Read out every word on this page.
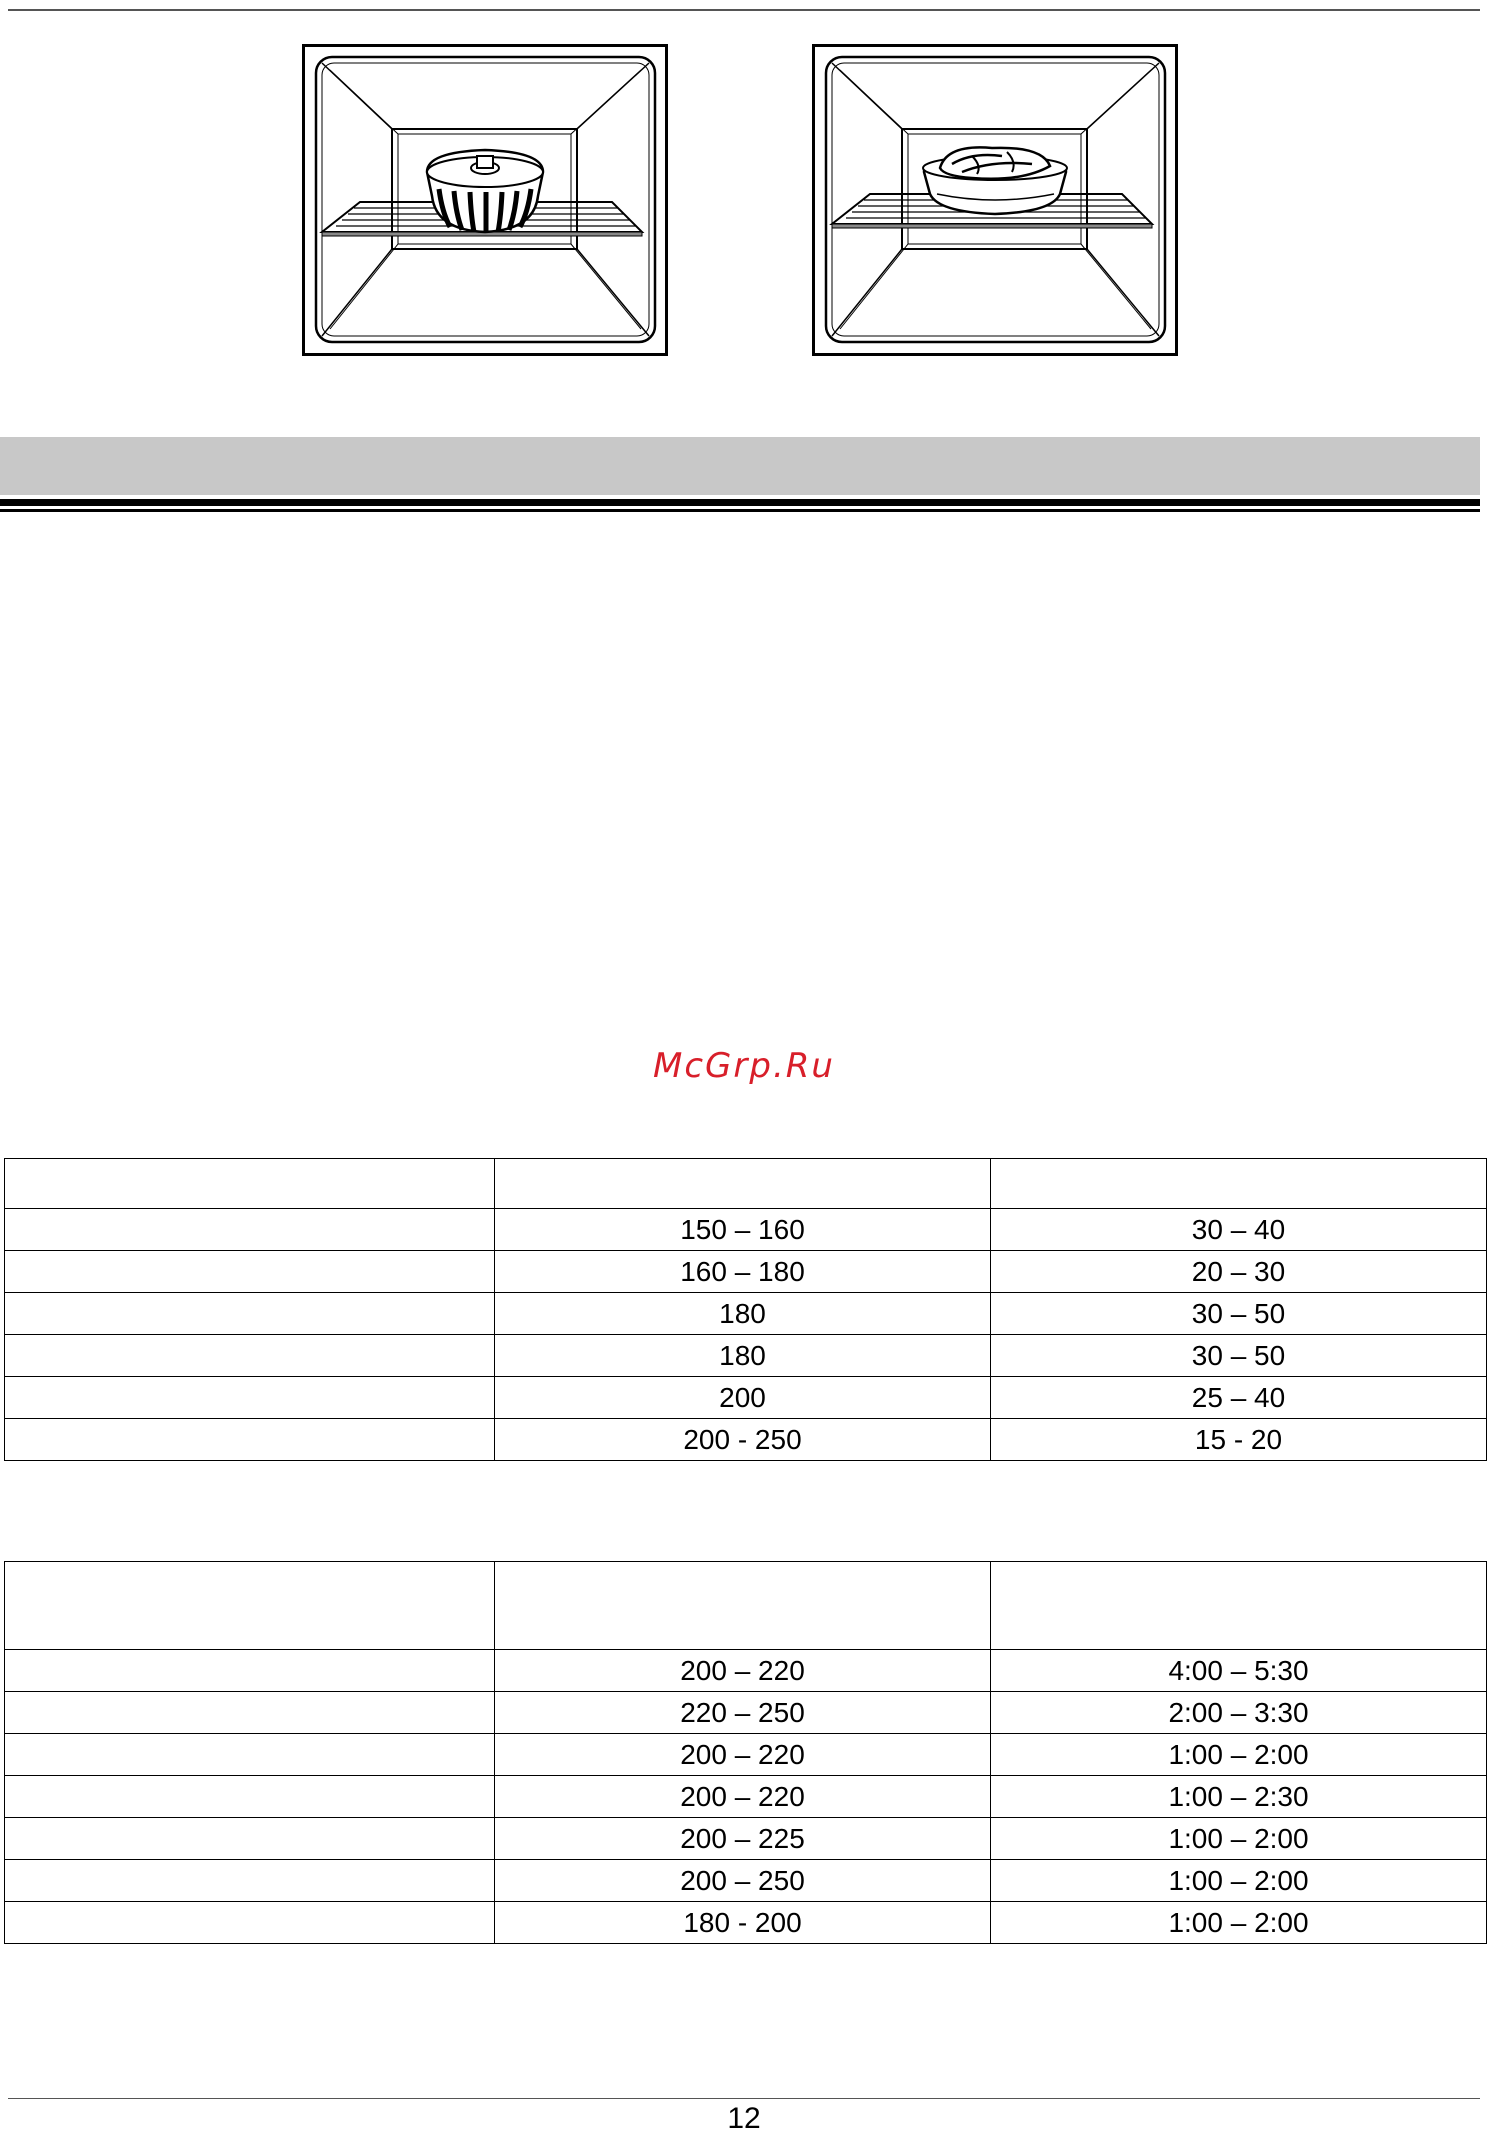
McGrp.Ru

	150 – 160	30 – 40
	160 – 180	20 – 30
	180	30 – 50
	180	30 – 50
	200	25 – 40
	200 - 250	15 - 20

	200 – 220	4:00 – 5:30
	220 – 250	2:00 – 3:30
	200 – 220	1:00 – 2:00
	200 – 220	1:00 – 2:30
	200 – 225	1:00 – 2:00
	200 – 250	1:00 – 2:00
	180 - 200	1:00 – 2:00
12
